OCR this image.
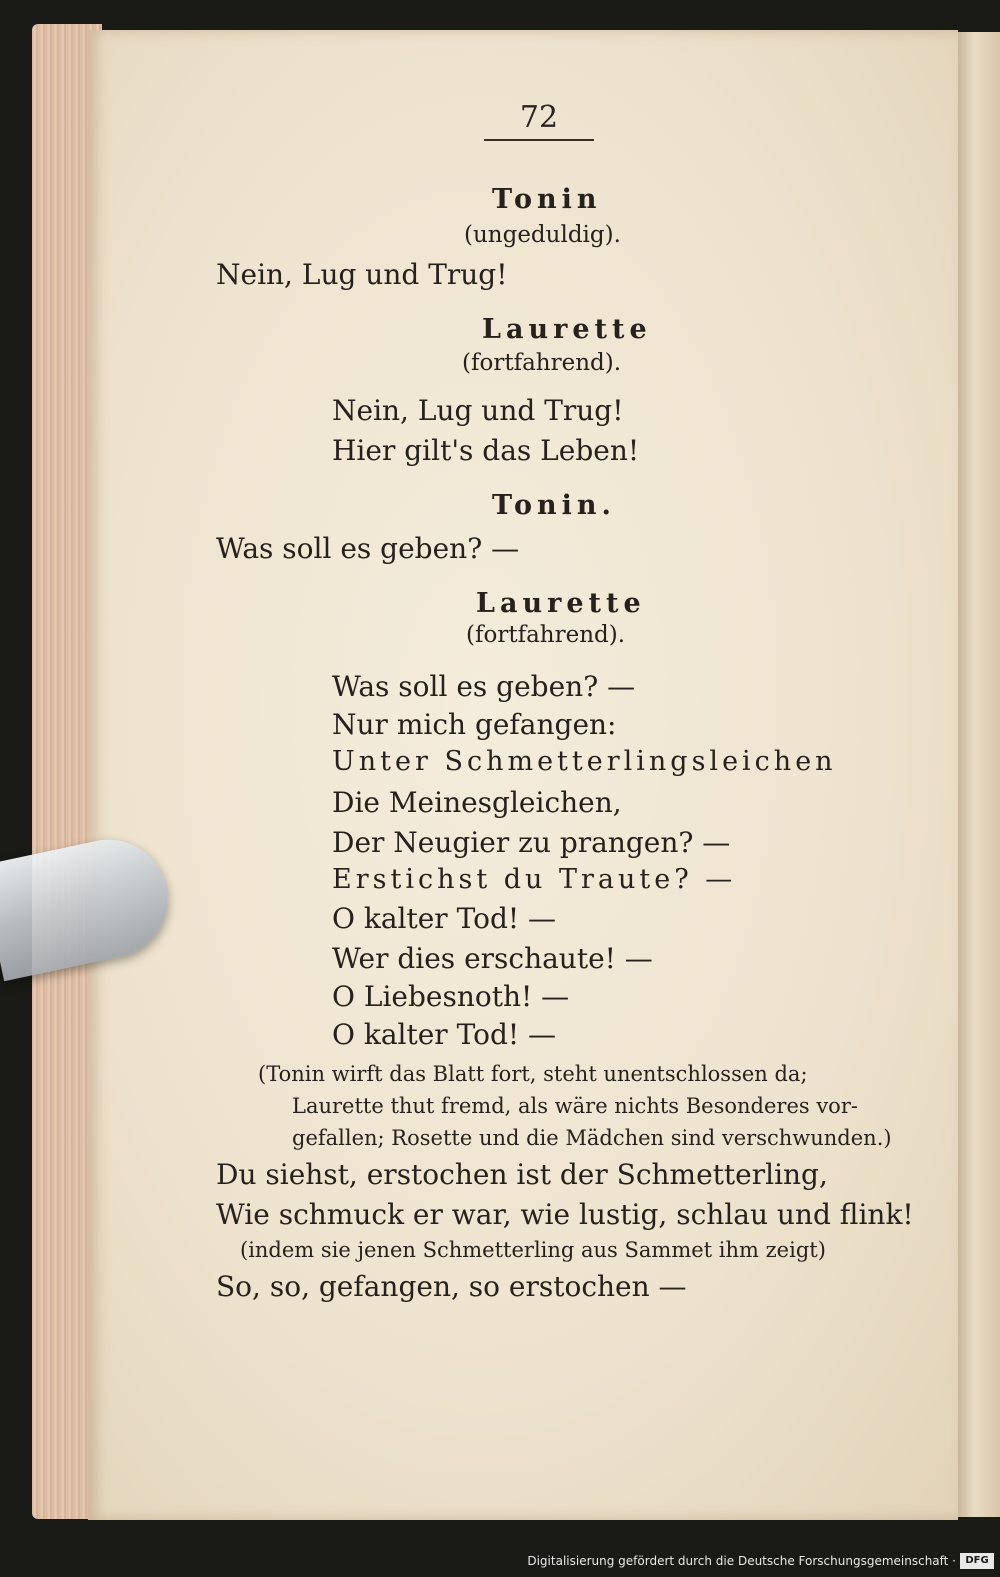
72
Tonin
(ungeduldig).
Nein, Lug und Trug!
Laurette
(fortfahrend).
Nein, Lug und Trug!
Hier gilt's das Leben!
Tonin.
Was soll es geben? —
Laurette
(fortfahrend).
Was soll es geben? —
Nur mich gefangen:
Unter Schmetterlingsleichen
Die Meinesgleichen,
Der Neugier zu prangen? —
Erstichst du Traute? —
O kalter Tod! —
Wer dies erschaute! —
O Liebesnoth! —
O kalter Tod! —
(Tonin wirft das Blatt fort, steht unentschlossen da;
Laurette thut fremd, als wäre nichts Besonderes vor-
gefallen; Rosette und die Mädchen sind verschwunden.)
Du siehst, erstochen ist der Schmetterling,
Wie schmuck er war, wie lustig, schlau und flink!
(indem sie jenen Schmetterling aus Sammet ihm zeigt)
So, so, gefangen, so erstochen —
Digitalisierung gefördert durch die Deutsche Forschungsgemeinschaft · DFG
